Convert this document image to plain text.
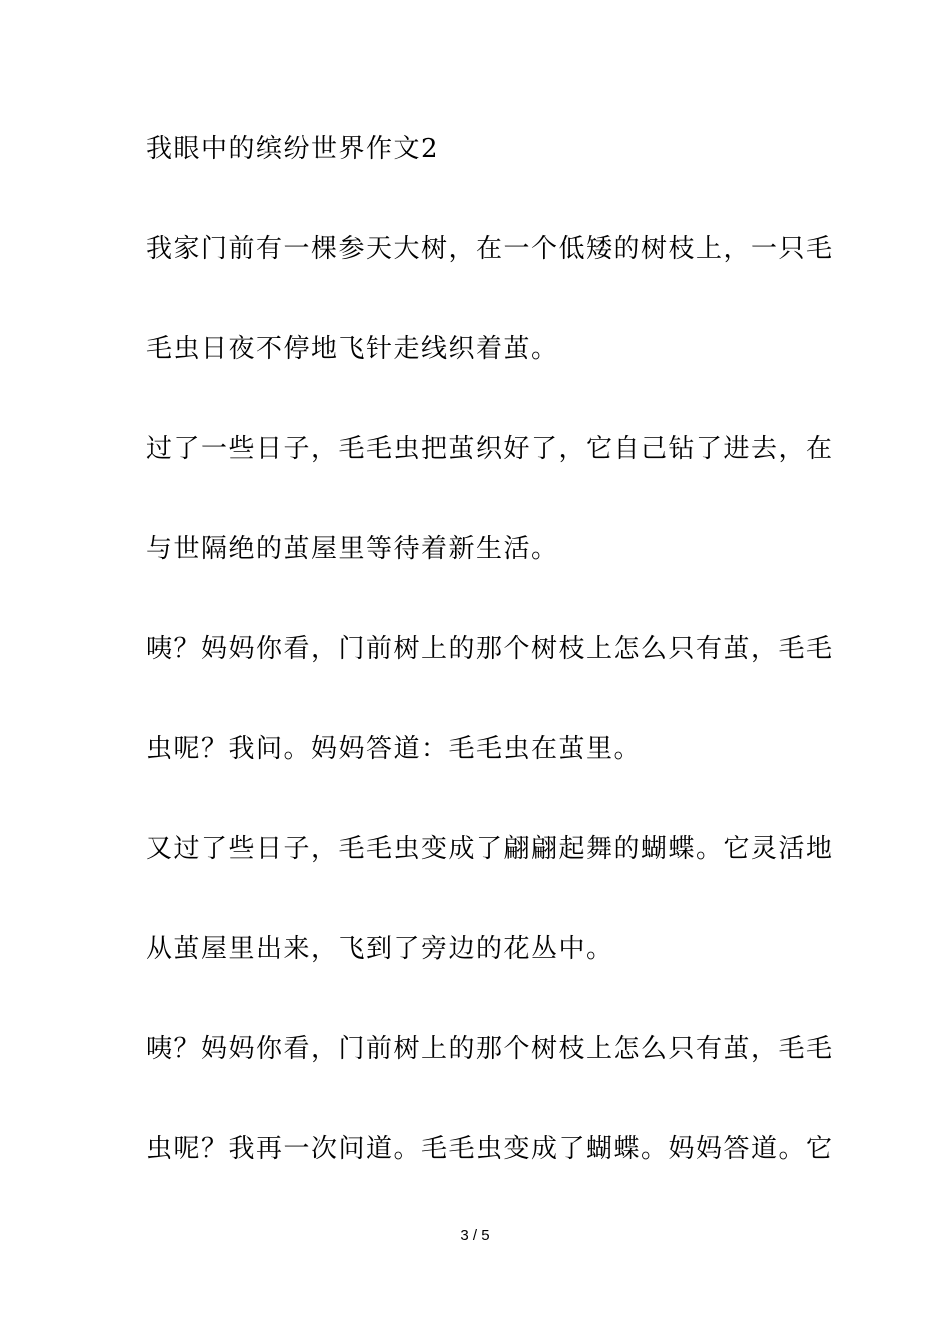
我眼中的缤纷世界作文2
我家门前有一棵参天大树，在一个低矮的树枝上，一只毛
毛虫日夜不停地飞针走线织着茧。
过了一些日子，毛毛虫把茧织好了，它自己钻了进去，在
与世隔绝的茧屋里等待着新生活。
咦？妈妈你看，门前树上的那个树枝上怎么只有茧，毛毛
虫呢？我问。妈妈答道：毛毛虫在茧里。
又过了些日子，毛毛虫变成了翩翩起舞的蝴蝶。它灵活地
从茧屋里出来，飞到了旁边的花丛中。
咦？妈妈你看，门前树上的那个树枝上怎么只有茧，毛毛
虫呢？我再一次问道。毛毛虫变成了蝴蝶。妈妈答道。它
3 / 5
